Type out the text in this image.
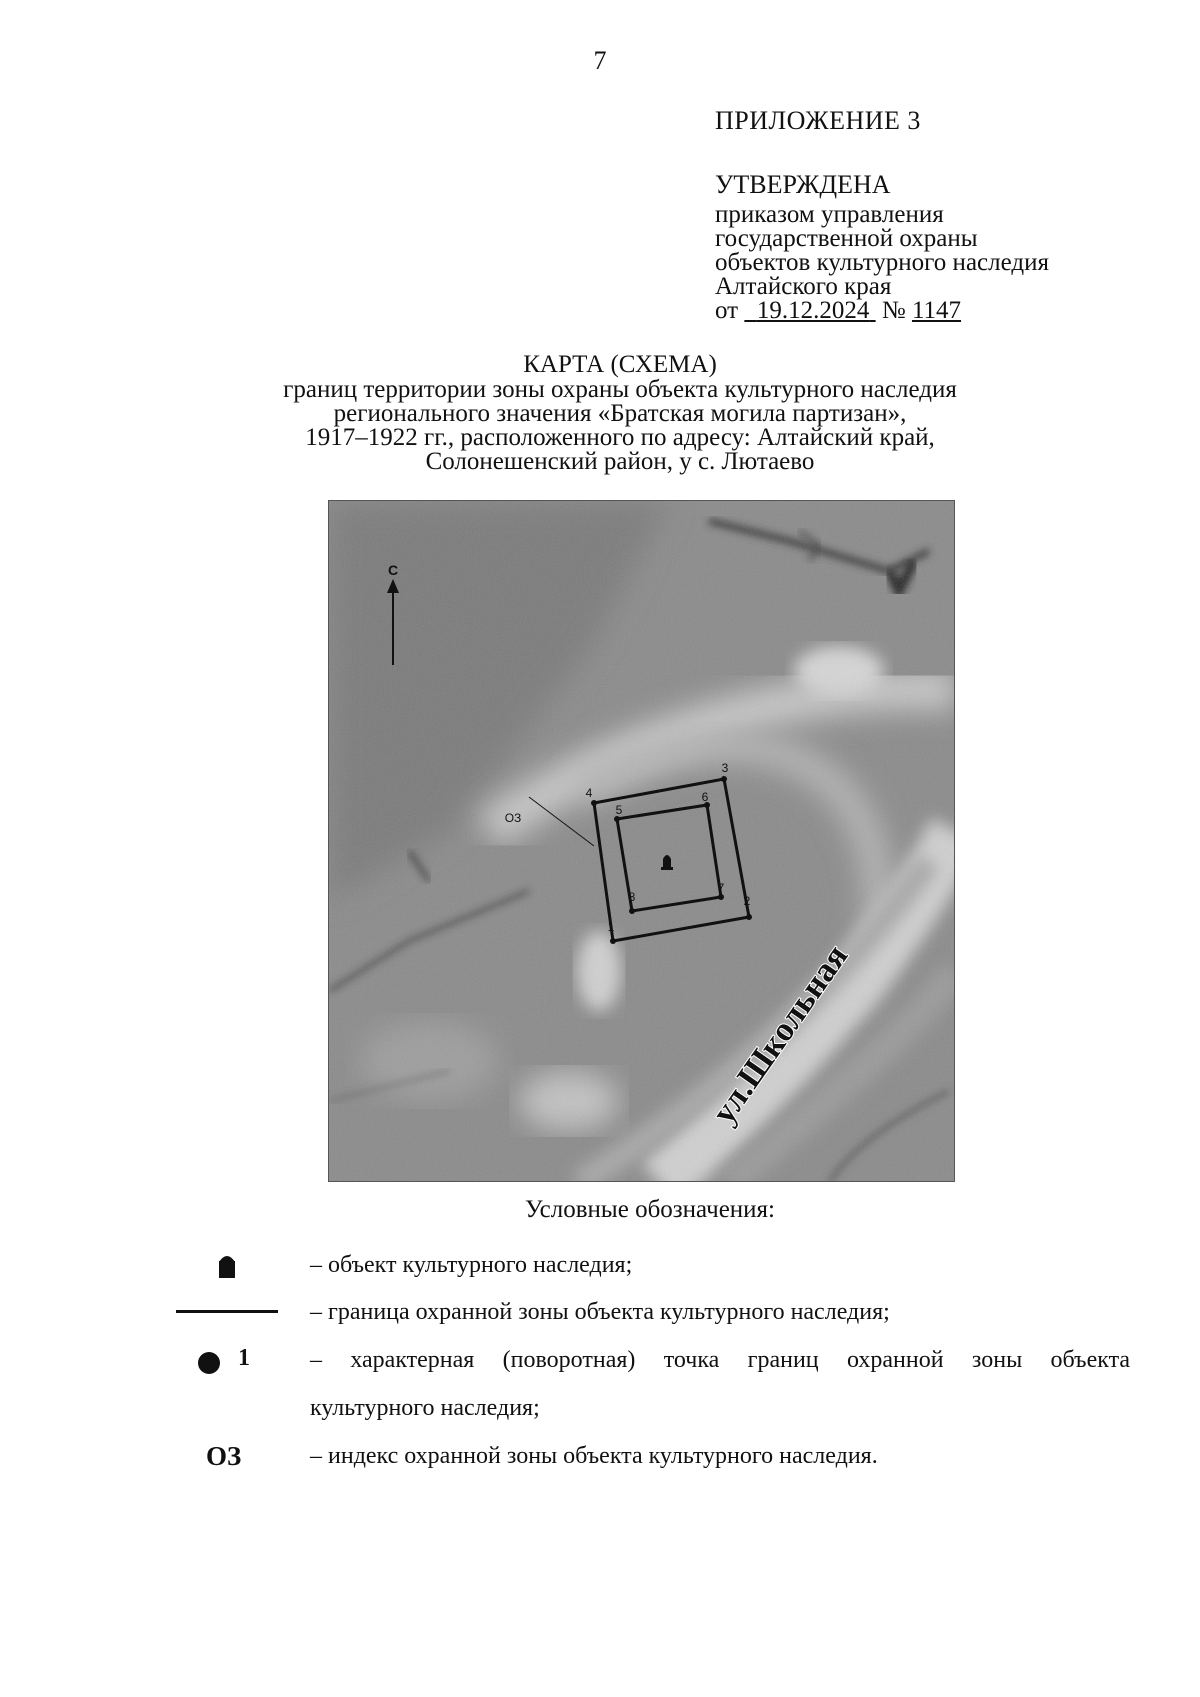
7
ПРИЛОЖЕНИЕ 3
УТВЕРЖДЕНА
приказом управления
государственной охраны
объектов культурного наследия
Алтайского края
от 19.12.2024 № 1147
КАРТА (СХЕМА)
границ территории зоны охраны объекта культурного наследия
регионального значения «Братская могила партизан»,
1917–1922 гг., расположенного по адресу: Алтайский край,
Солонешенский район, у с. Лютаево
С
ОЗ
1
2
3
4
5
6
7
8
ул.Школьная
Условные обозначения:
– объект культурного наследия;
– граница охранной зоны объекта культурного наследия;
1	– характерная (поворотная) точка границ охранной зоны объекта
культурного наследия;
ОЗ	– индекс охранной зоны объекта культурного наследия.
